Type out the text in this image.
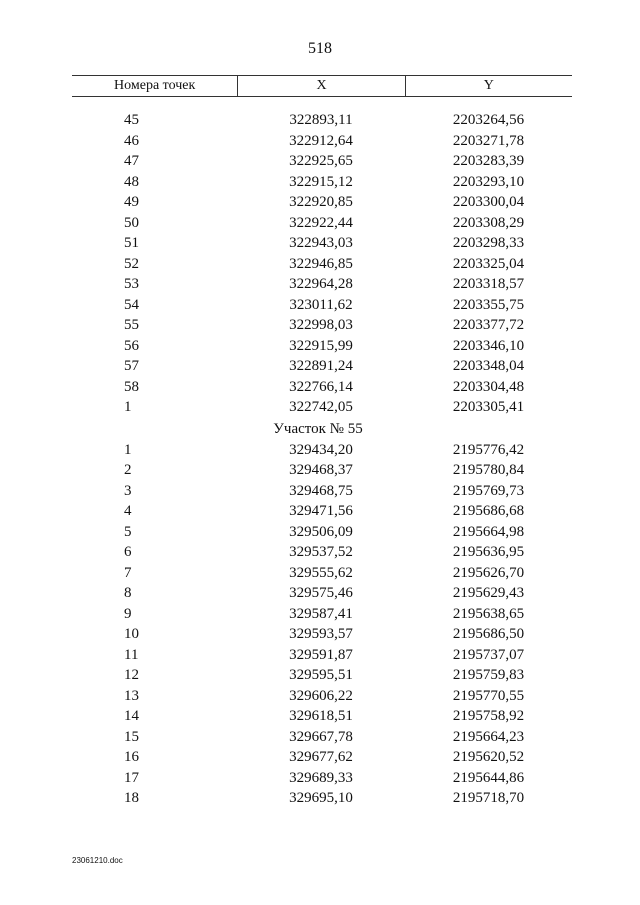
518
Номера точек	X	Y
45	322893,11	2203264,56
46	322912,64	2203271,78
47	322925,65	2203283,39
48	322915,12	2203293,10
49	322920,85	2203300,04
50	322922,44	2203308,29
51	322943,03	2203298,33
52	322946,85	2203325,04
53	322964,28	2203318,57
54	323011,62	2203355,75
55	322998,03	2203377,72
56	322915,99	2203346,10
57	322891,24	2203348,04
58	322766,14	2203304,48
1	322742,05	2203305,41
Участок № 55
1	329434,20	2195776,42
2	329468,37	2195780,84
3	329468,75	2195769,73
4	329471,56	2195686,68
5	329506,09	2195664,98
6	329537,52	2195636,95
7	329555,62	2195626,70
8	329575,46	2195629,43
9	329587,41	2195638,65
10	329593,57	2195686,50
11	329591,87	2195737,07
12	329595,51	2195759,83
13	329606,22	2195770,55
14	329618,51	2195758,92
15	329667,78	2195664,23
16	329677,62	2195620,52
17	329689,33	2195644,86
18	329695,10	2195718,70
23061210.doc
